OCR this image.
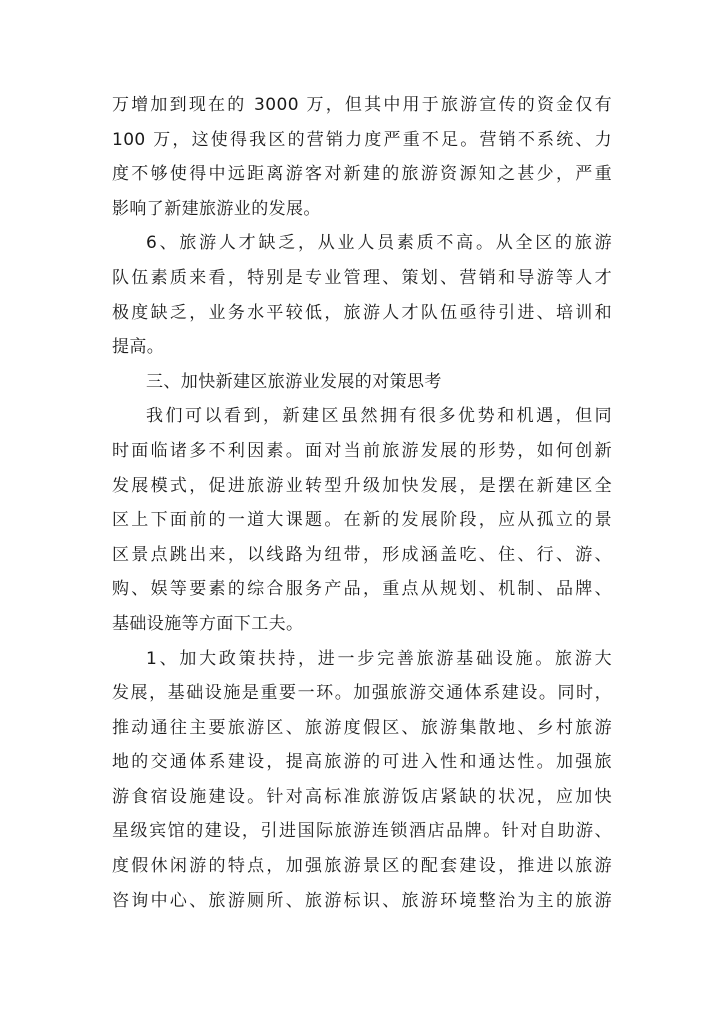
万增加到现在的 3000 万，但其中用于旅游宣传的资金仅有
100 万，这使得我区的营销力度严重不足。营销不系统、力
度不够使得中远距离游客对新建的旅游资源知之甚少，严重
影响了新建旅游业的发展。
6、旅游人才缺乏，从业人员素质不高。从全区的旅游
队伍素质来看，特别是专业管理、策划、营销和导游等人才
极度缺乏，业务水平较低，旅游人才队伍亟待引进、培训和
提高。
三、加快新建区旅游业发展的对策思考
我们可以看到，新建区虽然拥有很多优势和机遇，但同
时面临诸多不利因素。面对当前旅游发展的形势，如何创新
发展模式，促进旅游业转型升级加快发展，是摆在新建区全
区上下面前的一道大课题。在新的发展阶段，应从孤立的景
区景点跳出来，以线路为纽带，形成涵盖吃、住、行、游、
购、娱等要素的综合服务产品，重点从规划、机制、品牌、
基础设施等方面下工夫。
1、加大政策扶持，进一步完善旅游基础设施。旅游大
发展，基础设施是重要一环。加强旅游交通体系建设。同时，
推动通往主要旅游区、旅游度假区、旅游集散地、乡村旅游
地的交通体系建设，提高旅游的可进入性和通达性。加强旅
游食宿设施建设。针对高标准旅游饭店紧缺的状况，应加快
星级宾馆的建设，引进国际旅游连锁酒店品牌。针对自助游、
度假休闲游的特点，加强旅游景区的配套建设，推进以旅游
咨询中心、旅游厕所、旅游标识、旅游环境整治为主的旅游
